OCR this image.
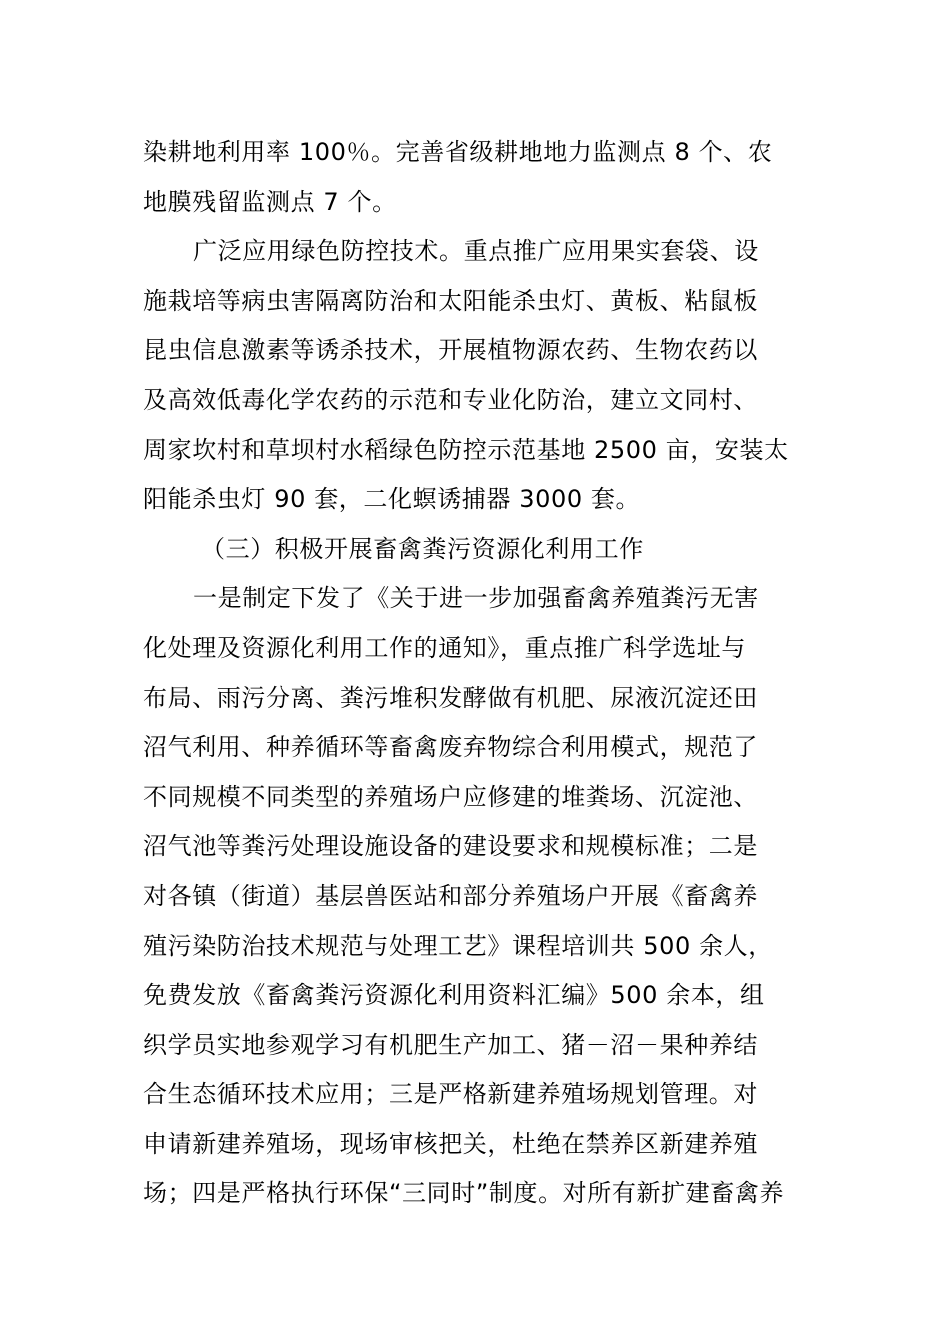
染耕地利用率 100％。完善省级耕地地力监测点 8 个、农
地膜残留监测点 7 个。
广泛应用绿色防控技术。重点推广应用果实套袋、设
施栽培等病虫害隔离防治和太阳能杀虫灯、黄板、粘鼠板
昆虫信息激素等诱杀技术，开展植物源农药、生物农药以
及高效低毒化学农药的示范和专业化防治，建立文同村、
周家坎村和草坝村水稻绿色防控示范基地 2500 亩，安装太
阳能杀虫灯 90 套，二化螟诱捕器 3000 套。
（三）积极开展畜禽粪污资源化利用工作
一是制定下发了《关于进一步加强畜禽养殖粪污无害
化处理及资源化利用工作的通知》，重点推广科学选址与
布局、雨污分离、粪污堆积发酵做有机肥、尿液沉淀还田
沼气利用、种养循环等畜禽废弃物综合利用模式，规范了
不同规模不同类型的养殖场户应修建的堆粪场、沉淀池、
沼气池等粪污处理设施设备的建设要求和规模标准；二是
对各镇（街道）基层兽医站和部分养殖场户开展《畜禽养
殖污染防治技术规范与处理工艺》课程培训共 500 余人，
免费发放《畜禽粪污资源化利用资料汇编》500 余本，组
织学员实地参观学习有机肥生产加工、猪－沼－果种养结
合生态循环技术应用；三是严格新建养殖场规划管理。对
申请新建养殖场，现场审核把关，杜绝在禁养区新建养殖
场；四是严格执行环保“三同时”制度。对所有新扩建畜禽养
